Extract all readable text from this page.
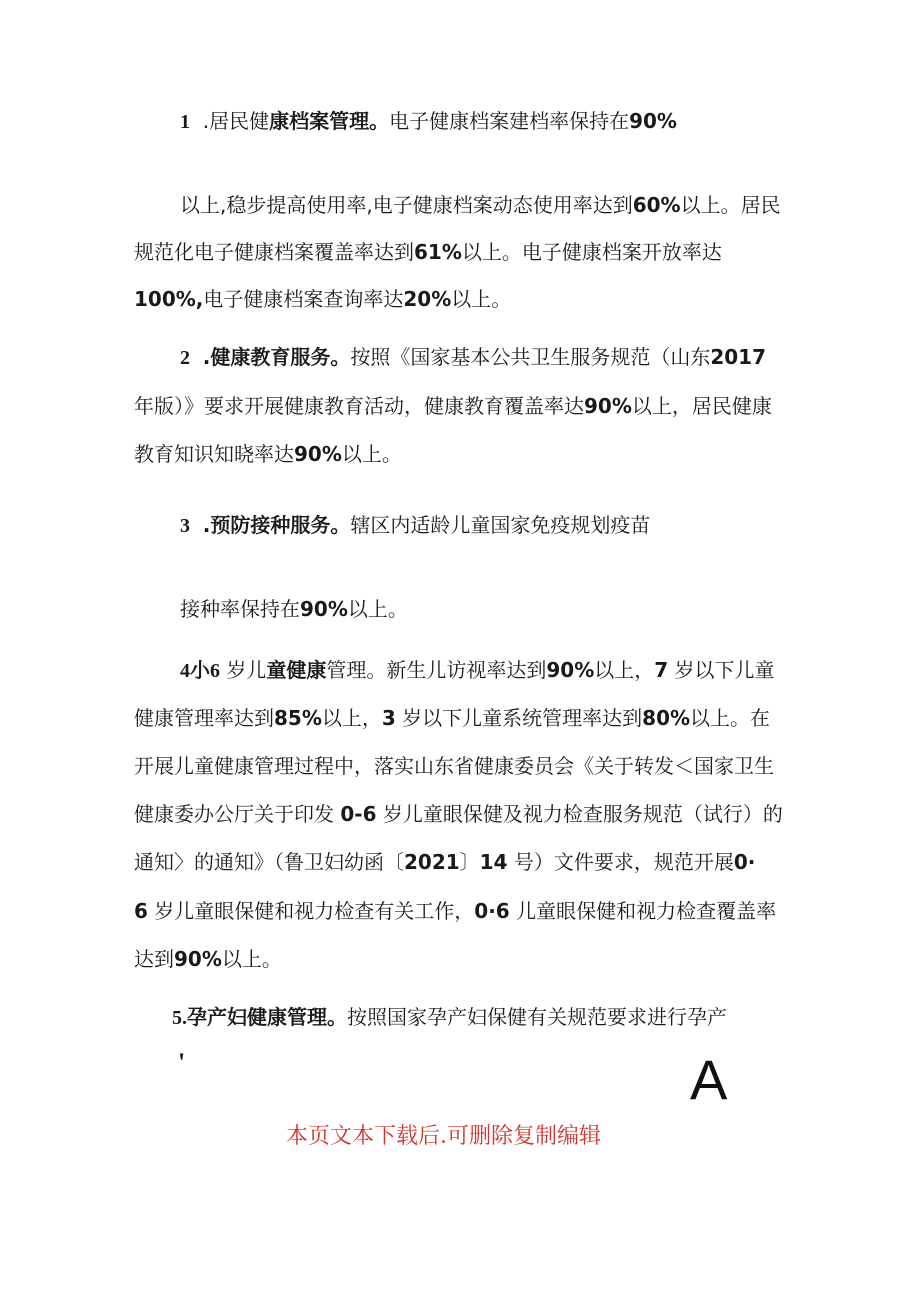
1 .居民健康档案管理。电子健康档案建档率保持在90%
以上,稳步提高使用率,电子健康档案动态使用率达到60%以上。居民
规范化电子健康档案覆盖率达到61%以上。电子健康档案开放率达
100%,电子健康档案查询率达20%以上。
2 .健康教育服务。按照《国家基本公共卫生服务规范（山东2017
年版）》要求开展健康教育活动，健康教育覆盖率达90%以上，居民健康
教育知识知晓率达90%以上。
3 .预防接种服务。辖区内适龄儿童国家免疫规划疫苗
接种率保持在90%以上。
4小6 岁儿童健康管理。新生儿访视率达到90%以上，7 岁以下儿童
健康管理率达到85%以上，3 岁以下儿童系统管理率达到80%以上。在
开展儿童健康管理过程中，落实山东省健康委员会《关于转发＜国家卫生
健康委办公厅关于印发 0-6 岁儿童眼保健及视力检查服务规范（试行）的
通知〉的通知》（鲁卫妇幼函〔2021〕14 号）文件要求，规范开展0·
6 岁儿童眼保健和视力检查有关工作，0·6 儿童眼保健和视力检查覆盖率
达到90%以上。
5.孕产妇健康管理。按照国家孕产妇保健有关规范要求进行孕产
'	A
本页文本下载后.可删除复制编辑
